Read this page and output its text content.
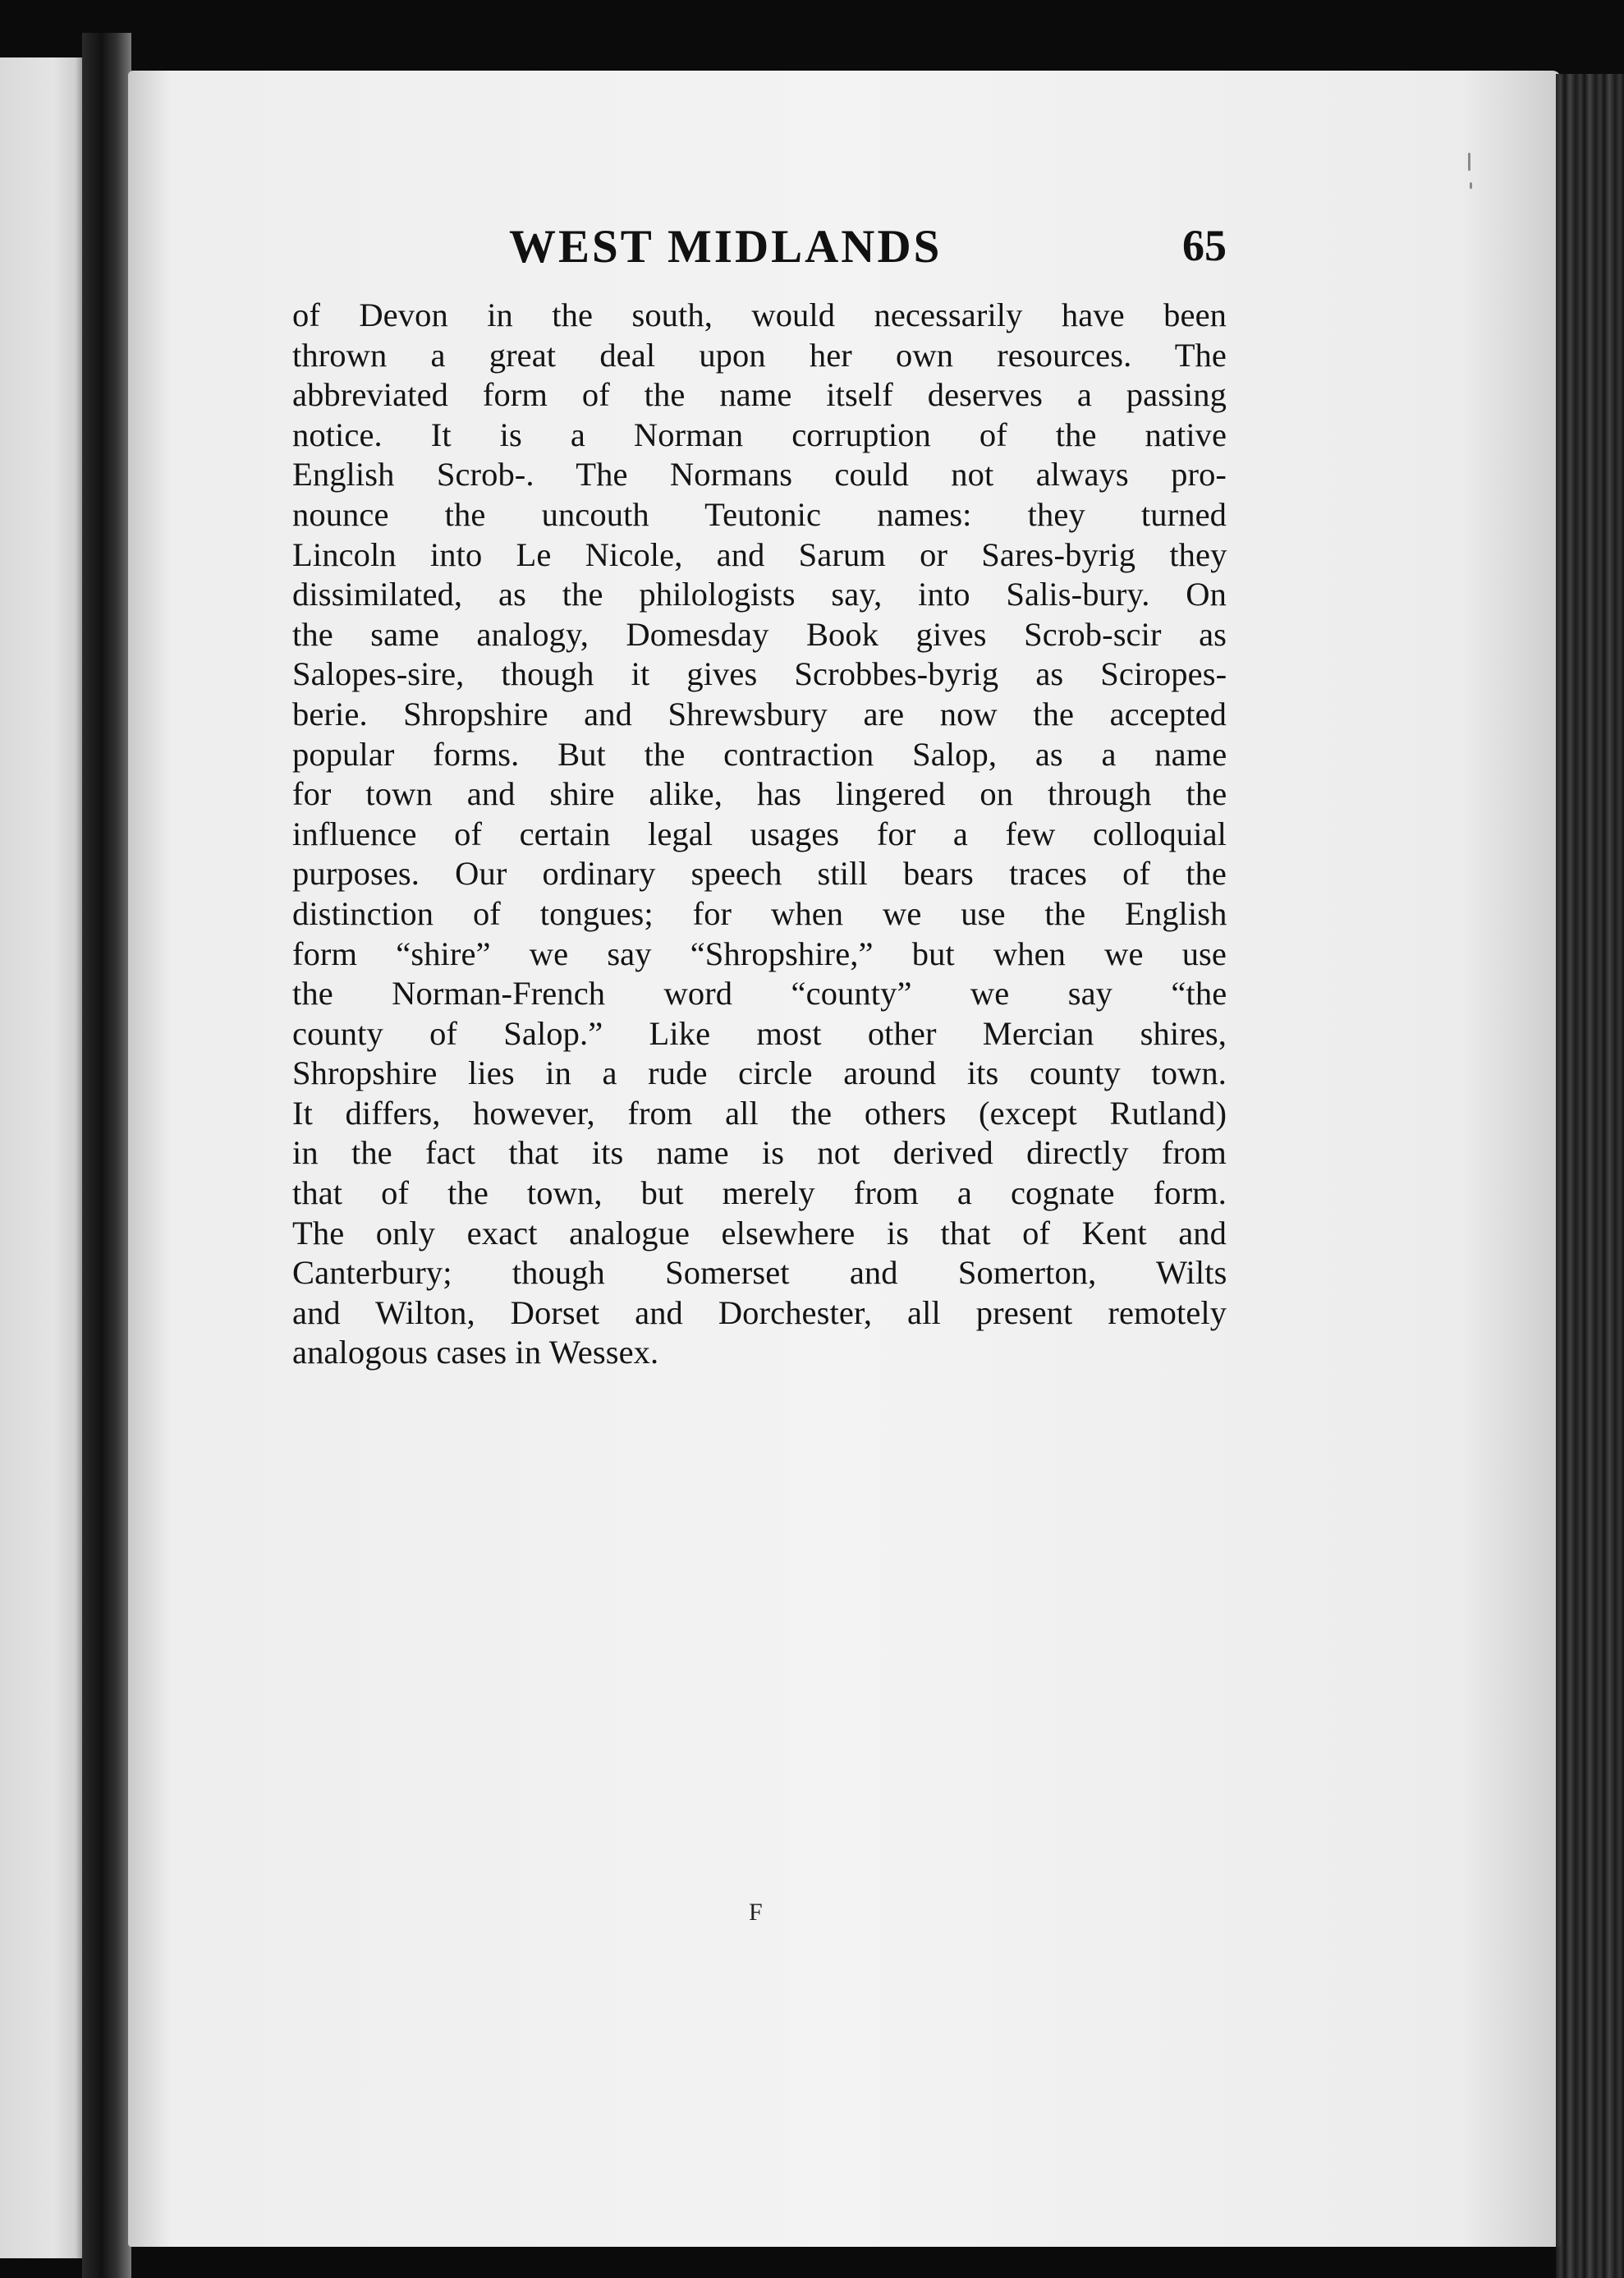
WEST MIDLANDS	65
of Devon in the south, would necessarily have been
thrown a great deal upon her own resources. The
abbreviated form of the name itself deserves a passing
notice. It is a Norman corruption of the native
English Scrob-. The Normans could not always pro-
nounce the uncouth Teutonic names: they turned
Lincoln into Le Nicole, and Sarum or Sares-byrig they
dissimilated, as the philologists say, into Salis-bury. On
the same analogy, Domesday Book gives Scrob-scir as
Salopes-sire, though it gives Scrobbes-byrig as Sciropes-
berie. Shropshire and Shrewsbury are now the accepted
popular forms. But the contraction Salop, as a name
for town and shire alike, has lingered on through the
influence of certain legal usages for a few colloquial
purposes. Our ordinary speech still bears traces of the
distinction of tongues; for when we use the English
form “shire” we say “Shropshire,” but when we use
the Norman-French word “county” we say “the
county of Salop.” Like most other Mercian shires,
Shropshire lies in a rude circle around its county town.
It differs, however, from all the others (except Rutland)
in the fact that its name is not derived directly from
that of the town, but merely from a cognate form.
The only exact analogue elsewhere is that of Kent and
Canterbury; though Somerset and Somerton, Wilts
and Wilton, Dorset and Dorchester, all present remotely
analogous cases in Wessex.
F
